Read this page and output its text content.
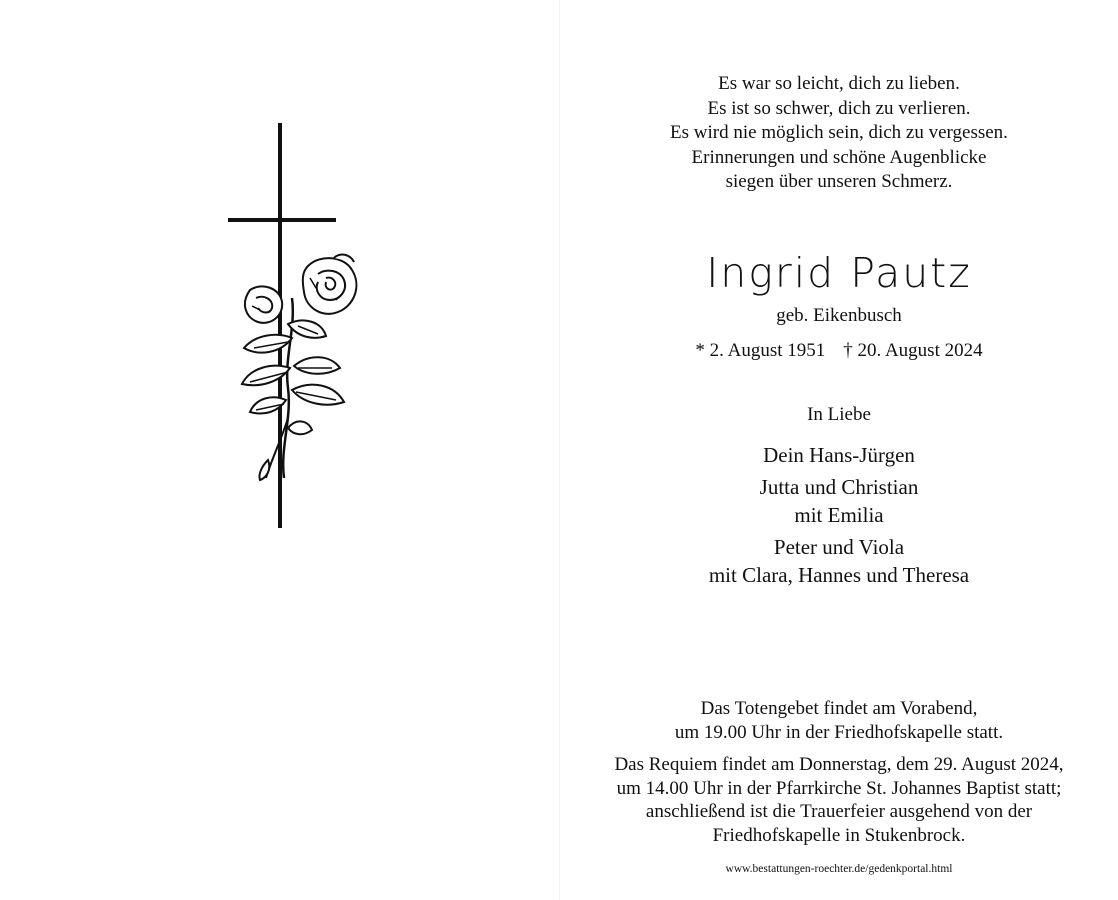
Es war so leicht, dich zu lieben.
Es ist so schwer, dich zu verlieren.
Es wird nie möglich sein, dich zu vergessen.
Erinnerungen und schöne Augenblicke
siegen über unseren Schmerz.
Ingrid Pautz
geb. Eikenbusch
* 2. August 1951 † 20. August 2024
In Liebe
Dein Hans-Jürgen
Jutta und Christian
mit Emilia
Peter und Viola
mit Clara, Hannes und Theresa
Das Totengebet findet am Vorabend,
um 19.00 Uhr in der Friedhofskapelle statt.
Das Requiem findet am Donnerstag, dem 29. August 2024,
um 14.00 Uhr in der Pfarrkirche St. Johannes Baptist statt;
anschließend ist die Trauerfeier ausgehend von der
Friedhofskapelle in Stukenbrock.
www.bestattungen-roechter.de/gedenkportal.html
